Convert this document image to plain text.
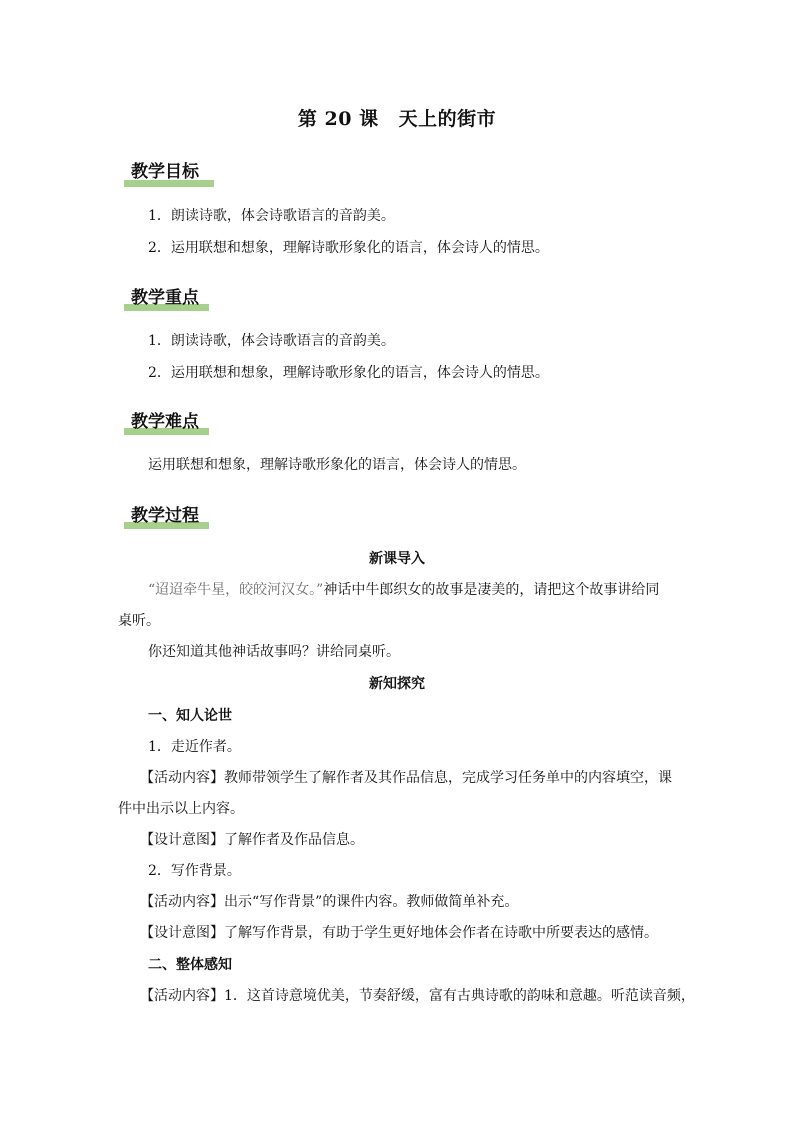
第 20 课 天上的街市
教学目标
1．朗读诗歌，体会诗歌语言的音韵美。
2．运用联想和想象，理解诗歌形象化的语言，体会诗人的情思。
教学重点
1．朗读诗歌，体会诗歌语言的音韵美。
2．运用联想和想象，理解诗歌形象化的语言，体会诗人的情思。
教学难点
运用联想和想象，理解诗歌形象化的语言，体会诗人的情思。
教学过程
新课导入
“迢迢牵牛星，皎皎河汉女。”神话中牛郎织女的故事是凄美的，请把这个故事讲给同
桌听。
你还知道其他神话故事吗？讲给同桌听。
新知探究
一、知人论世
1．走近作者。
【活动内容】教师带领学生了解作者及其作品信息，完成学习任务单中的内容填空，课
件中出示以上内容。
【设计意图】了解作者及作品信息。
2．写作背景。
【活动内容】出示“写作背景”的课件内容。教师做简单补充。
【设计意图】了解写作背景，有助于学生更好地体会作者在诗歌中所要表达的感情。
二、整体感知
【活动内容】1．这首诗意境优美，节奏舒缓，富有古典诗歌的韵味和意趣。听范读音频，
